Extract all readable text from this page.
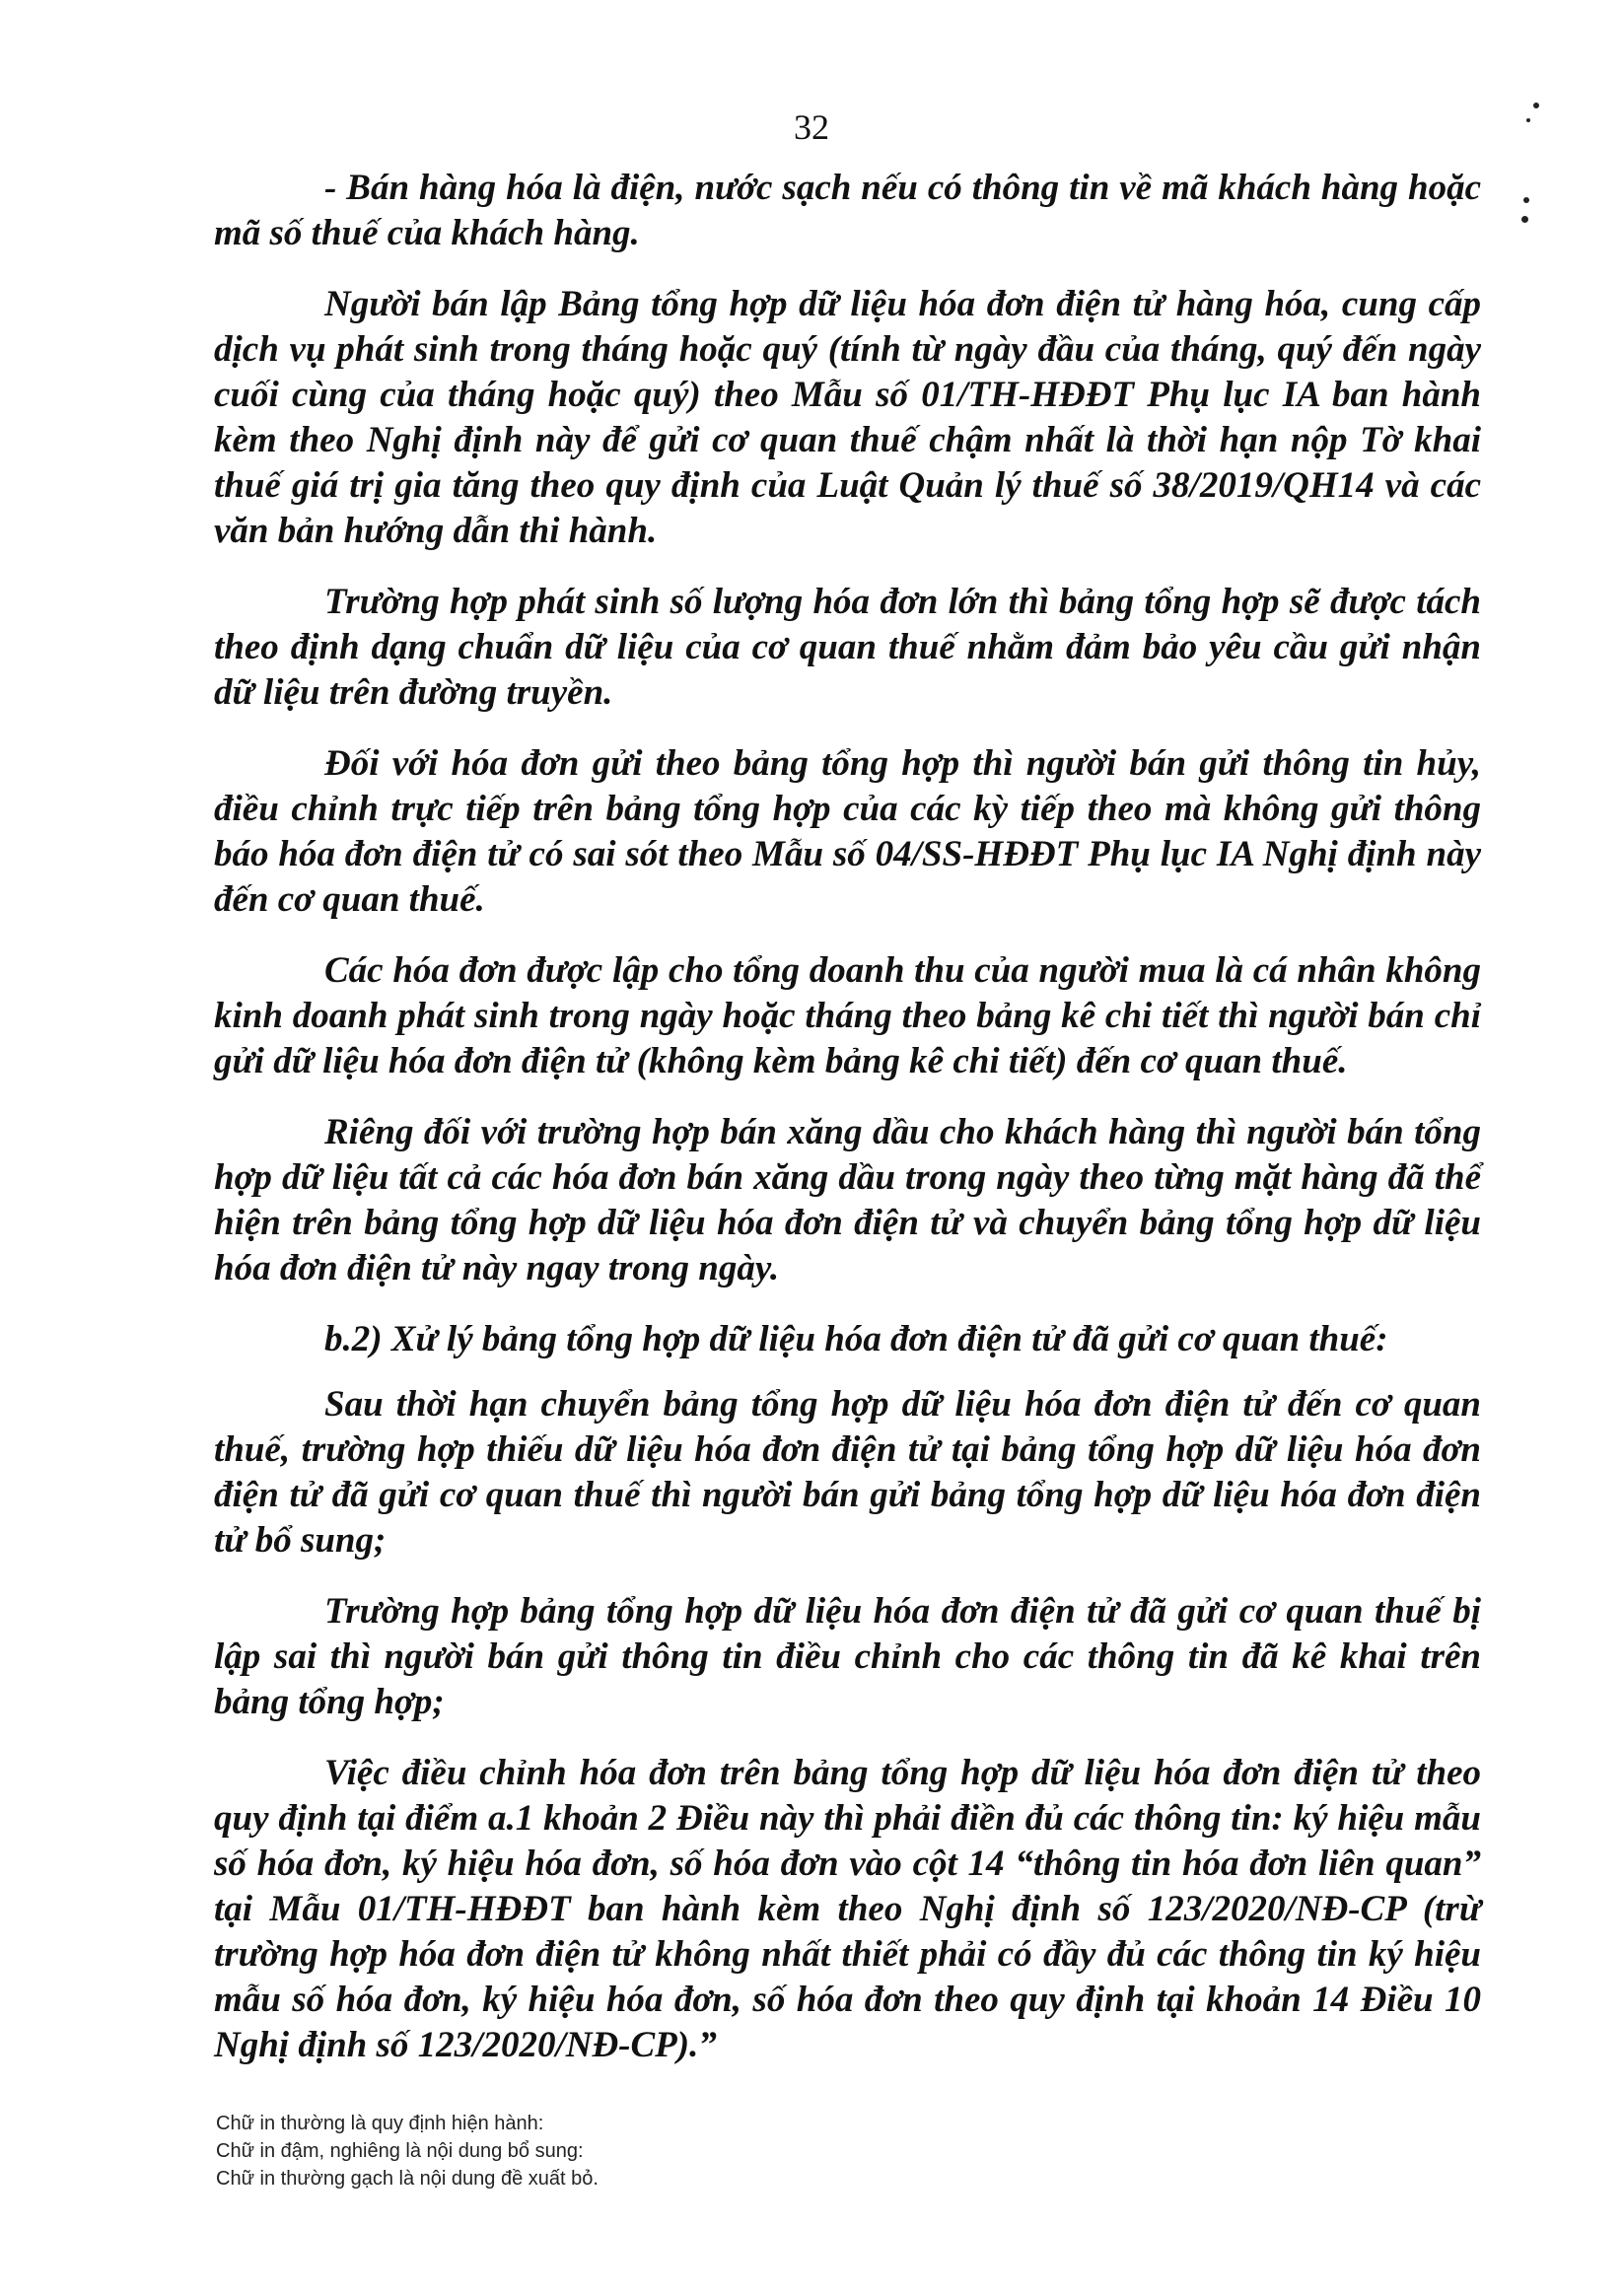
32

- Bán hàng hóa là điện, nước sạch nếu có thông tin về mã khách hàng hoặc mã số thuế của khách hàng.

Người bán lập Bảng tổng hợp dữ liệu hóa đơn điện tử hàng hóa, cung cấp dịch vụ phát sinh trong tháng hoặc quý (tính từ ngày đầu của tháng, quý đến ngày cuối cùng của tháng hoặc quý) theo Mẫu số 01/TH-HĐĐT Phụ lục IA ban hành kèm theo Nghị định này để gửi cơ quan thuế chậm nhất là thời hạn nộp Tờ khai thuế giá trị gia tăng theo quy định của Luật Quản lý thuế số 38/2019/QH14 và các văn bản hướng dẫn thi hành.

Trường hợp phát sinh số lượng hóa đơn lớn thì bảng tổng hợp sẽ được tách theo định dạng chuẩn dữ liệu của cơ quan thuế nhằm đảm bảo yêu cầu gửi nhận dữ liệu trên đường truyền.

Đối với hóa đơn gửi theo bảng tổng hợp thì người bán gửi thông tin hủy, điều chỉnh trực tiếp trên bảng tổng hợp của các kỳ tiếp theo mà không gửi thông báo hóa đơn điện tử có sai sót theo Mẫu số 04/SS-HĐĐT Phụ lục IA Nghị định này đến cơ quan thuế.

Các hóa đơn được lập cho tổng doanh thu của người mua là cá nhân không kinh doanh phát sinh trong ngày hoặc tháng theo bảng kê chi tiết thì người bán chỉ gửi dữ liệu hóa đơn điện tử (không kèm bảng kê chi tiết) đến cơ quan thuế.

Riêng đối với trường hợp bán xăng dầu cho khách hàng thì người bán tổng hợp dữ liệu tất cả các hóa đơn bán xăng dầu trong ngày theo từng mặt hàng đã thể hiện trên bảng tổng hợp dữ liệu hóa đơn điện tử và chuyển bảng tổng hợp dữ liệu hóa đơn điện tử này ngay trong ngày.

b.2) Xử lý bảng tổng hợp dữ liệu hóa đơn điện tử đã gửi cơ quan thuế:

Sau thời hạn chuyển bảng tổng hợp dữ liệu hóa đơn điện tử đến cơ quan thuế, trường hợp thiếu dữ liệu hóa đơn điện tử tại bảng tổng hợp dữ liệu hóa đơn điện tử đã gửi cơ quan thuế thì người bán gửi bảng tổng hợp dữ liệu hóa đơn điện tử bổ sung;

Trường hợp bảng tổng hợp dữ liệu hóa đơn điện tử đã gửi cơ quan thuế bị lập sai thì người bán gửi thông tin điều chỉnh cho các thông tin đã kê khai trên bảng tổng hợp;

Việc điều chỉnh hóa đơn trên bảng tổng hợp dữ liệu hóa đơn điện tử theo quy định tại điểm a.1 khoản 2 Điều này thì phải điền đủ các thông tin: ký hiệu mẫu số hóa đơn, ký hiệu hóa đơn, số hóa đơn vào cột 14 “thông tin hóa đơn liên quan” tại Mẫu 01/TH-HĐĐT ban hành kèm theo Nghị định số 123/2020/NĐ-CP (trừ trường hợp hóa đơn điện tử không nhất thiết phải có đầy đủ các thông tin ký hiệu mẫu số hóa đơn, ký hiệu hóa đơn, số hóa đơn theo quy định tại khoản 14 Điều 10 Nghị định số 123/2020/NĐ-CP).”

Chữ in thường là quy định hiện hành:
Chữ in đậm, nghiêng là nội dung bổ sung:
Chữ in thường gạch là nội dung đề xuất bỏ.
